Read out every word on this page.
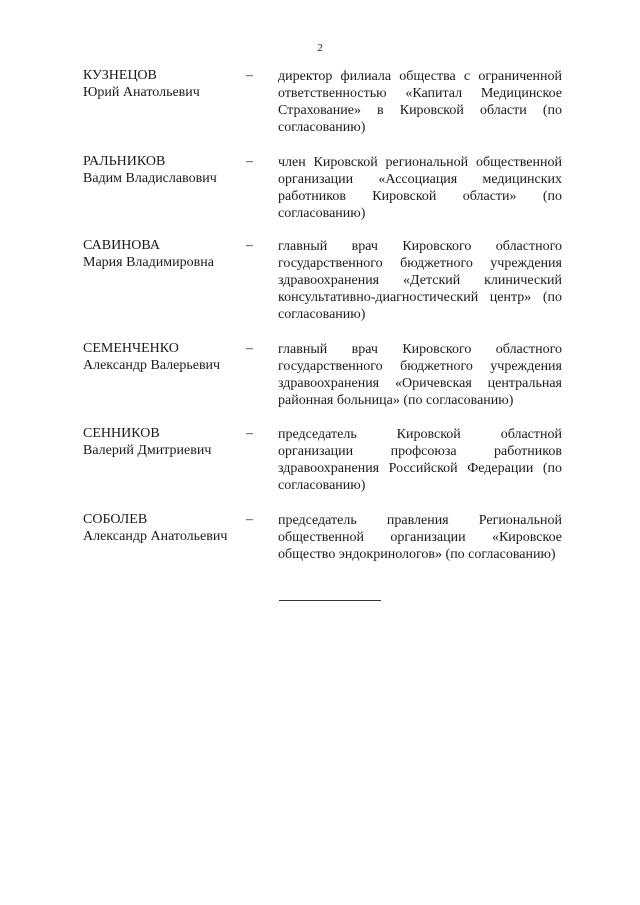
2
КУЗНЕЦОВ
Юрий Анатольевич
– директор филиала общества с ограниченной ответственностью «Капитал Медицинское Страхование» в Кировской области (по согласованию)
РАЛЬНИКОВ
Вадим Владиславович
– член Кировской региональной общественной организации «Ассоциация медицинских работников Кировской области» (по согласованию)
САВИНОВА
Мария Владимировна
– главный врач Кировского областного государственного бюджетного учреждения здравоохранения «Детский клинический консультативно-диагностический центр» (по согласованию)
СЕМЕНЧЕНКО
Александр Валерьевич
– главный врач Кировского областного государственного бюджетного учреждения здравоохранения «Оричевская центральная районная больница» (по согласованию)
СЕННИКОВ
Валерий Дмитриевич
– председатель Кировской областной организации профсоюза работников здравоохранения Российской Федерации (по согласованию)
СОБОЛЕВ
Александр Анатольевич
– председатель правления Региональной общественной организации «Кировское общество эндокринологов» (по согласованию)
